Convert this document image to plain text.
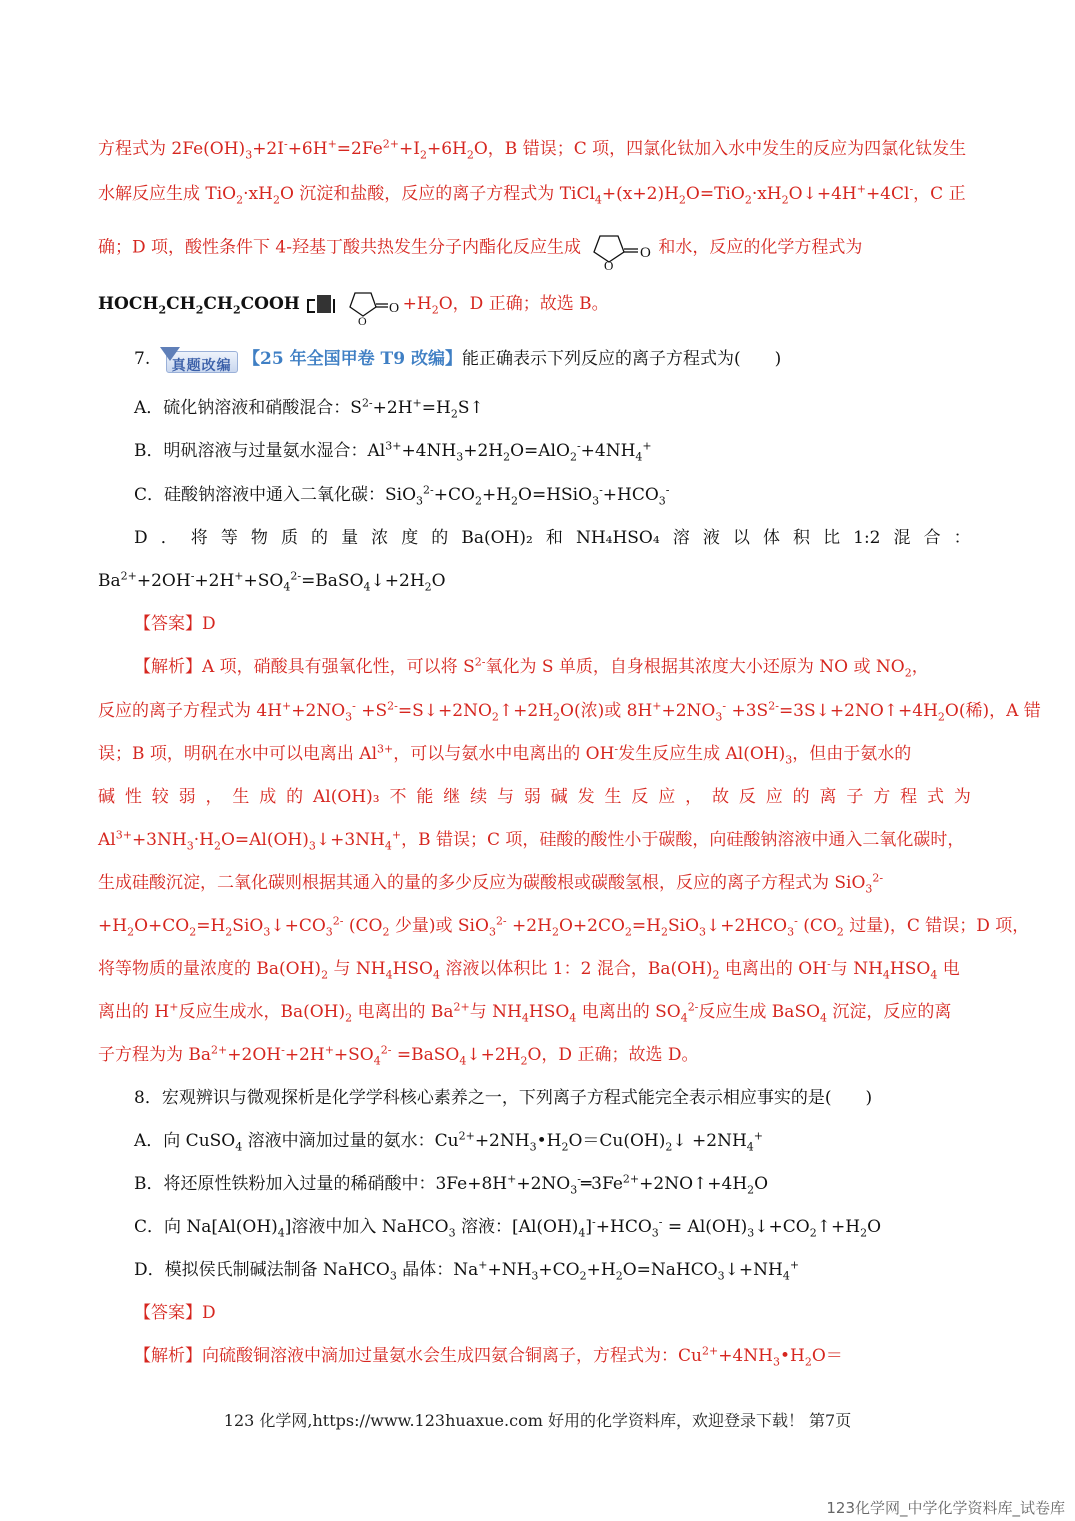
方程式为 $2Fe(OH)_3+2I^-+6H^+=2Fe^{2+}+I_2+6H_2O$，B 错误；C 项，四氯化钛加入水中发生的反应为四氯化钛发生
水解反应生成 $TiO_2\cdot xH_2O$ 沉淀和盐酸，反应的离子方程式为 $TiCl_4+(x+2)H_2O=TiO_2\cdot xH_2O↓+4H^++4Cl^-$，C 正
确；D 项，酸性条件下 4-羟基丁酸共热发生分子内酯化反应生成	O
O
和水，反应的化学方程式为
$HOCH_2CH_2CH_2COOH$
	O
O
$+H_2O$，D 正确；故选 B。
7. 真题改编 【25 年全国甲卷 T9 改编】能正确表示下列反应的离子方程式为(　　)
A．硫化钠溶液和硝酸混合：$S^{2-}+2H^+=H_2S↑$
B．明矾溶液与过量氨水湿合：$Al^{3+}+4NH_3+2H_2O=AlO_2^-+4NH_4^+$
C．硅酸钠溶液中通入二氧化碳：$SiO_3^{2-}+CO_2+H_2O=HSiO_3^-+HCO_3^-$
D ． 将 等 物 质 的 量 浓 度 的 Ba(OH)₂ 和 NH₄HSO₄ 溶 液 以 体 积 比 1:2 混 合 ：
$Ba^{2+}+2OH^-+2H^++SO_4^{2-}=BaSO_4↓+2H_2O$
【答案】D
【解析】A 项，硝酸具有强氧化性，可以将 $S^{2-}$氧化为 S 单质，自身根据其浓度大小还原为 NO 或 $NO_2$，
反应的离子方程式为 $4H^++2NO_3^-$ $+S^{2-}=S↓+2NO_2↑+2H_2O$(浓)或 $8H^++2NO_3^-$ $+3S^{2-}=3S↓+2NO↑+4H_2O$(稀)，A 错
误；B 项，明矾在水中可以电离出 $Al^{3+}$，可以与氨水中电离出的 OH-发生反应生成 $Al(OH)_3$，但由于氨水的
碱 性 较 弱 ， 生 成 的 Al(OH)₃ 不 能 继 续 与 弱 碱 发 生 反 应 ， 故 反 应 的 离 子 方 程 式 为
$Al^{3+}+3NH_3\cdot H_2O=Al(OH)_3↓+3NH_4^+$，B 错误；C 项，硅酸的酸性小于碳酸，向硅酸钠溶液中通入二氧化碳时，
生成硅酸沉淀，二氧化碳则根据其通入的量的多少反应为碳酸根或碳酸氢根，反应的离子方程式为 SiO$_3^{2-}$
$+H_2O+CO_2=H_2SiO_3↓+CO_3^{2-}$ ($CO_2$ 少量)或 $SiO_3^{2-} +2H_2O+2CO_2=H_2SiO_3↓+2HCO_3^-$ ($CO_2$ 过量)，C 错误；D 项，
将等物质的量浓度的 $Ba(OH)_2$ 与 $NH_4HSO_4$ 溶液以体积比 1：2 混合，$Ba(OH)_2$ 电离出的 OH-与 $NH_4HSO_4$ 电
离出的 H+反应生成水，$Ba(OH)_2$ 电离出的 $Ba^{2+}$与 $NH_4HSO_4$ 电离出的 $SO_4^{2-}$反应生成 BaSO$_4$ 沉淀，反应的离
子方程为为 $Ba^{2+}+2OH^-+2H^++SO_4^{2-}$ $=BaSO_4↓+2H_2O$，D 正确；故选 D。
8．宏观辨识与微观探析是化学学科核心素养之一，下列离子方程式能完全表示相应事实的是(　　)
A．向 CuSO$_4$ 溶液中滴加过量的氨水：$Cu^{2+}+2NH_3•H_2O=Cu(OH)_2↓ +2NH_4^+$
B．将还原性铁粉加入过量的稀硝酸中：$3Fe+8H^++2NO_3^-═3Fe^{2+}+2NO↑+4H_2O$
C．向 $Na[Al(OH)_4]$溶液中加入 NaHCO$_3$ 溶液：$[Al(OH)_4]^-+HCO_3^-$ = $Al(OH)_3↓+CO_2↑+H_2O$
D．模拟侯氏制碱法制备 NaHCO$_3$ 晶体：$Na^++NH_3+CO_2+H_2O=NaHCO_3↓+NH_4^+$
【答案】D
【解析】向硫酸铜溶液中滴加过量氨水会生成四氨合铜离子，方程式为：$Cu^{2+}+4NH_3•H_2O=$
123 化学网,https://www.123huaxue.com 好用的化学资料库，欢迎登录下载！ 第7页
123化学网_中学化学资料库_试卷库
